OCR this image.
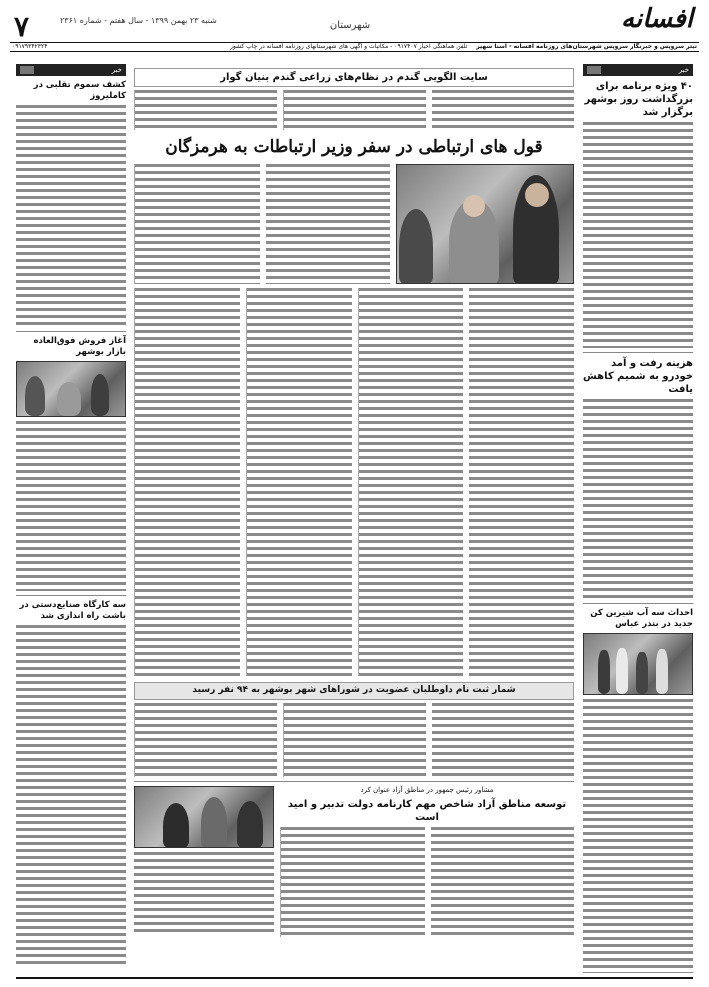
افسانه
شهرستان
شنبه ۲۳ بهمن ۱۳۹۹ - سال هفتم - شماره ۲۳۶۱
۷
تیتر سرویس و خبرنگار سرویس شهرستان‌های روزنامه افسانه - آسنا سهیر
تلفن هماهنگی اخبار ۰۹۱۷۴۰۷ - مکاتبات و آگهی های شهرستانهای روزنامه افسانه در چاپ کشور
۰۹۱۷۹۳۴۲۳۲۴
خبر
۴۰ ویژه برنامه برای بزرگداشت روز بوشهر برگزار شد
هزینه رفت و آمد خودرو به شمیم کاهش یافت
احداث سه آب شیرین کن جدید در بندر عباس
خبر
کشف سموم تقلبی در کاملیروز
آغاز فروش فوق‌العاده بازار بوشهر
سه کارگاه صنایع‌دستی در باشت راه اندازی شد
سایت الگویی گندم در نظام‌های زراعی گندم بنیان گوار
قول های ارتباطی در سفر وزیر ارتباطات به هرمزگان
شمار ثبت نام داوطلبان عضویت در شوراهای شهر بوشهر به ۹۴ نفر رسید
مشاور رئیس جمهور در مناطق آزاد عنوان کرد
توسعه مناطق آزاد شاخص مهم کارنامه دولت تدبیر و امید است
